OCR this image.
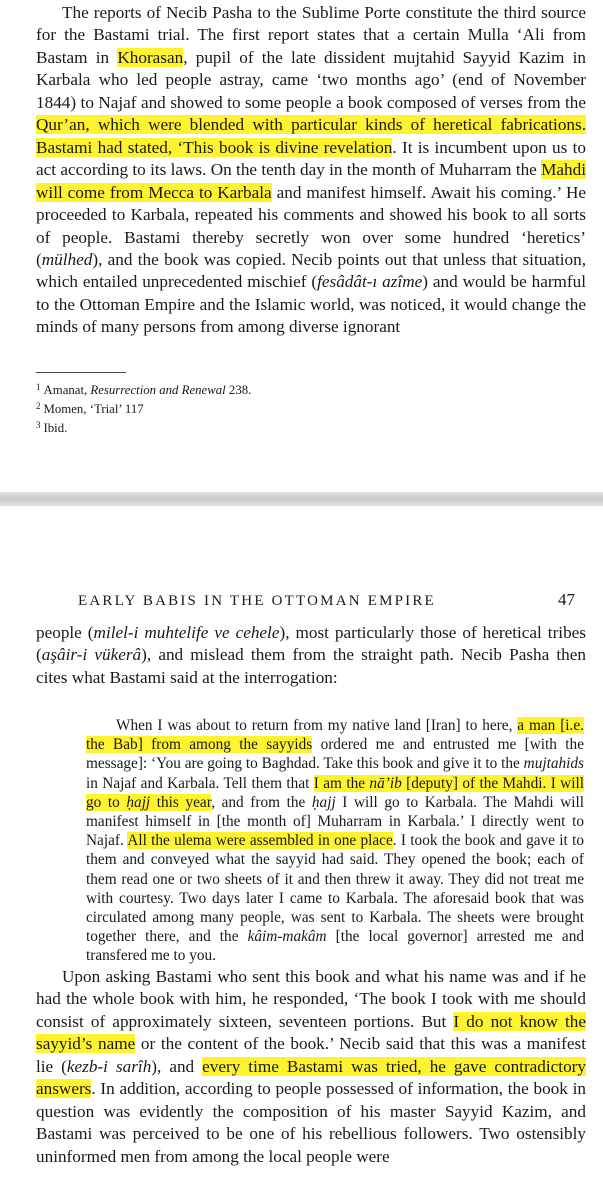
The reports of Necib Pasha to the Sublime Porte constitute the third source for the Bastami trial. The first report states that a certain Mulla ‘Ali from Bastam in Khorasan, pupil of the late dissident mujtahid Sayyid Kazim in Karbala who led people astray, came ‘two months ago’ (end of November 1844) to Najaf and showed to some people a book composed of verses from the Qur’an, which were blended with particular kinds of heretical fabrications. Bastami had stated, ‘This book is divine revelation. It is incumbent upon us to act according to its laws. On the tenth day in the month of Muharram the Mahdi will come from Mecca to Karbala and manifest himself. Await his coming.’ He proceeded to Karbala, repeated his comments and showed his book to all sorts of people. Bastami thereby secretly won over some hundred ‘heretics’ (mülhed), and the book was copied. Necib points out that unless that situation, which entailed unprecedented mischief (fesâdât-ı azîme) and would be harmful to the Ottoman Empire and the Islamic world, was noticed, it would change the minds of many persons from among diverse ignorant

$^1$ Amanat, Resurrection and Renewal 238.
$^2$ Momen, ‘Trial’ 117
$^3$ Ibid.
EARLY BABIS IN THE OTTOMAN EMPIRE	47

people (milel-i muhtelife ve cehele), most particularly those of heretical tribes (aşâir-i vükerâ), and mislead them from the straight path. Necib Pasha then cites what Bastami said at the interrogation:

When I was about to return from my native land [Iran] to here, a man [i.e. the Bab] from among the sayyids ordered me and entrusted me [with the message]: ‘You are going to Baghdad. Take this book and give it to the mujtahids in Najaf and Karbala. Tell them that I am the nā’ib [deputy] of the Mahdi. I will go to ḥajj this year, and from the ḥajj I will go to Karbala. The Mahdi will manifest himself in [the month of] Muharram in Karbala.’ I directly went to Najaf. All the ulema were assembled in one place. I took the book and gave it to them and conveyed what the sayyid had said. They opened the book; each of them read one or two sheets of it and then threw it away. They did not treat me with courtesy. Two days later I came to Karbala. The aforesaid book that was circulated among many people, was sent to Karbala. The sheets were brought together there, and the kâim-makâm [the local governor] arrested me and transfered me to you.

Upon asking Bastami who sent this book and what his name was and if he had the whole book with him, he responded, ‘The book I took with me should consist of approximately sixteen, seventeen portions. But I do not know the sayyid’s name or the content of the book.’ Necib said that this was a manifest lie (kezb-i sarîh), and every time Bastami was tried, he gave contradictory answers. In addition, according to people possessed of information, the book in question was evidently the composition of his master Sayyid Kazim, and Bastami was perceived to be one of his rebellious followers. Two ostensibly uninformed men from among the local people were
